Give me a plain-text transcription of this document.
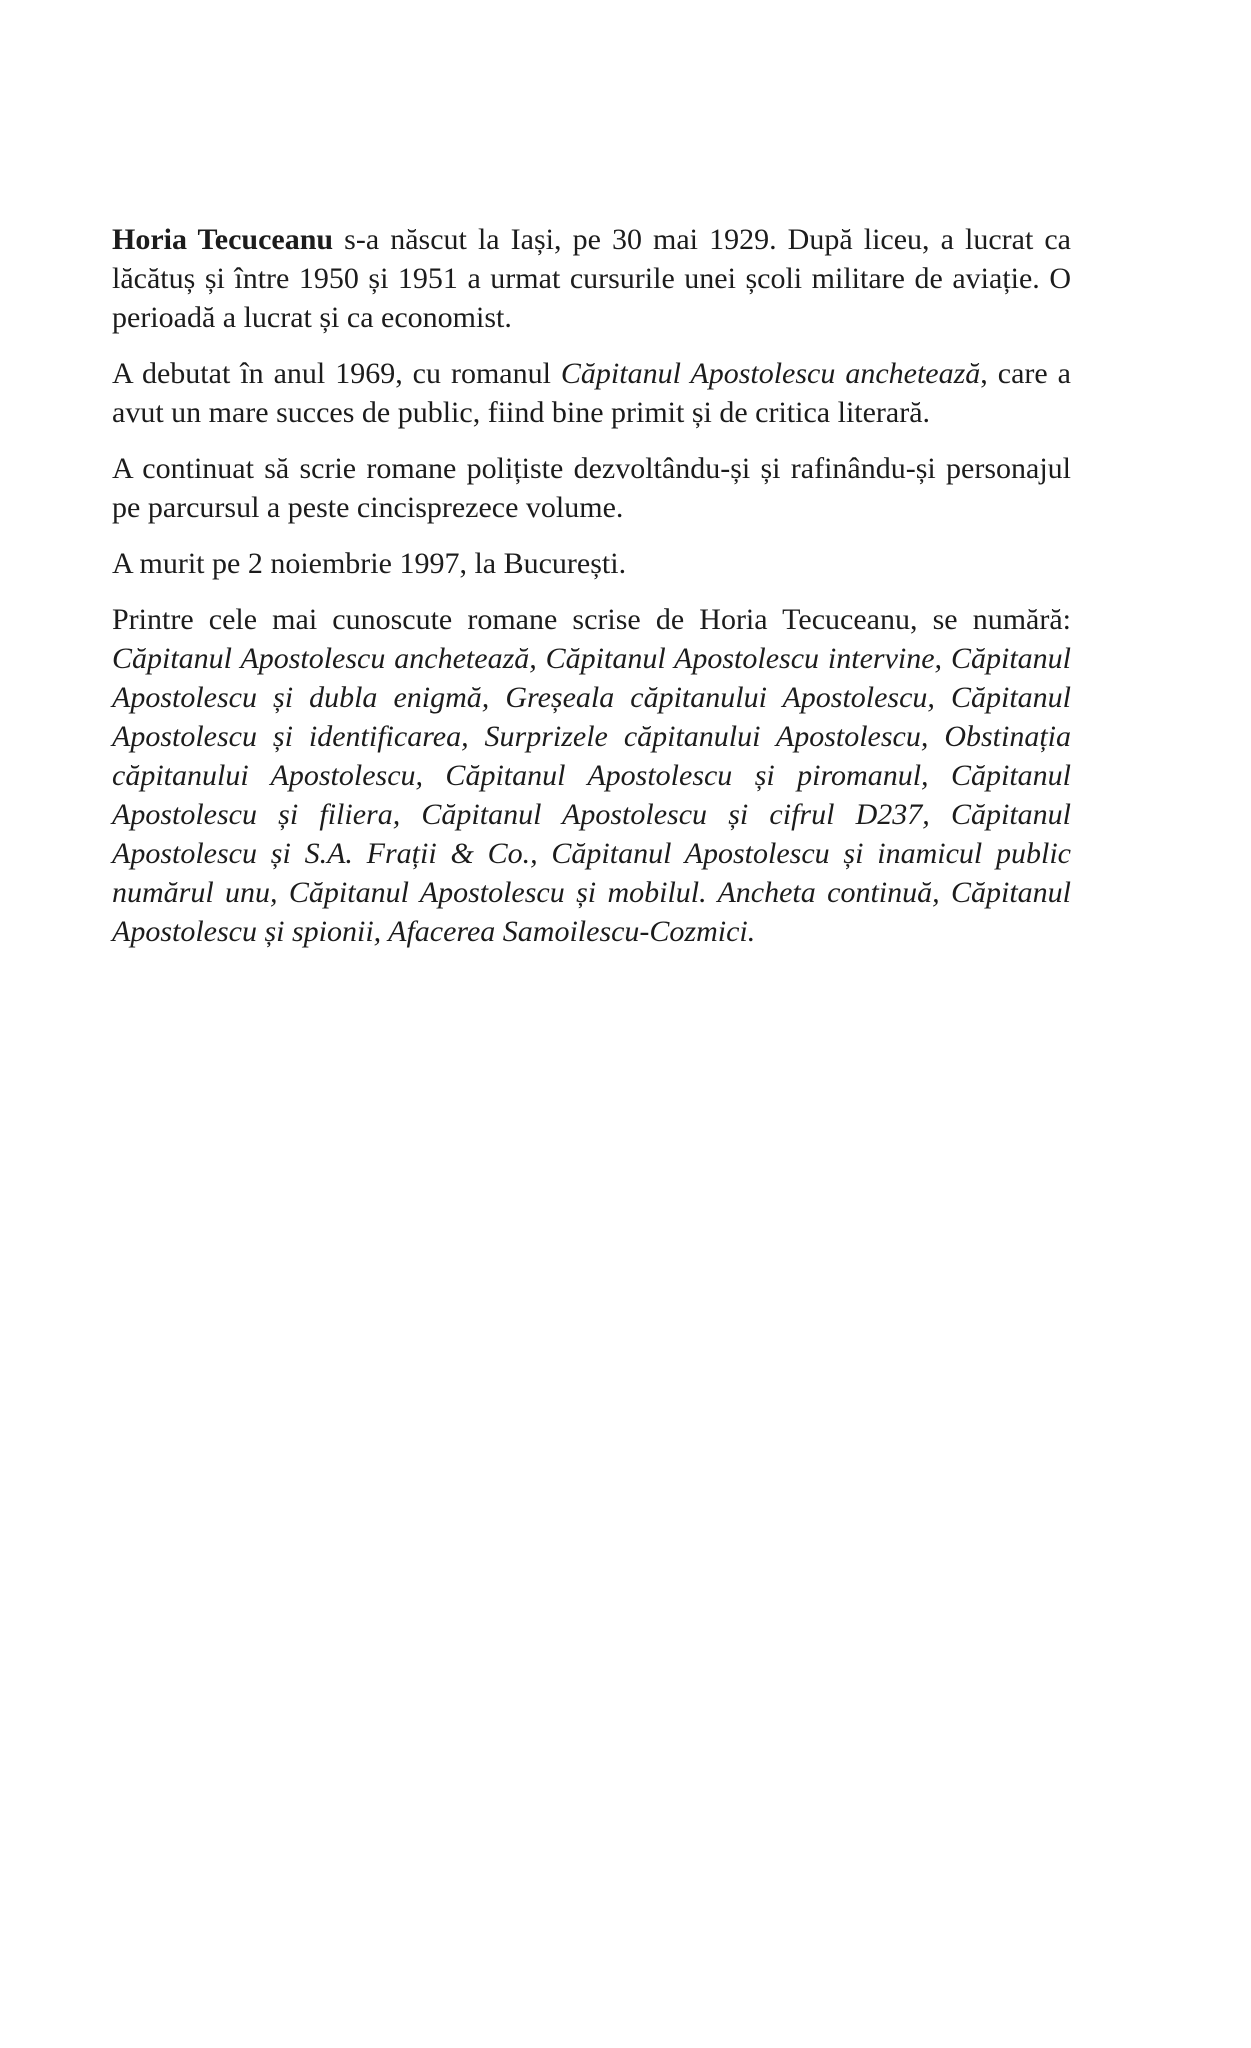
Horia Tecuceanu s-a născut la Iași, pe 30 mai 1929. După liceu, a lucrat ca lăcătuș și între 1950 și 1951 a urmat cursurile unei școli militare de aviație. O perioadă a lucrat și ca economist.

A debutat în anul 1969, cu romanul Căpitanul Apostolescu anchetează, care a avut un mare succes de public, fiind bine primit și de critica literară.

A continuat să scrie romane polițiste dezvoltându-și și rafinându-și personajul pe parcursul a peste cincisprezece volume.

A murit pe 2 noiembrie 1997, la București.

Printre cele mai cunoscute romane scrise de Horia Tecuceanu, se numără: Căpitanul Apostolescu anchetează, Căpitanul Apostolescu intervine, Căpitanul Apostolescu și dubla enigmă, Greșeala căpitanului Apostolescu, Căpitanul Apostolescu și identificarea, Surprizele căpitanului Apostolescu, Obstinația căpitanului Apostolescu, Căpitanul Apostolescu și piromanul, Căpitanul Apostolescu și filiera, Căpitanul Apostolescu și cifrul D237, Căpitanul Apostolescu și S.A. Frații & Co., Căpitanul Apostolescu și inamicul public numărul unu, Căpitanul Apostolescu și mobilul. Ancheta continuă, Căpitanul Apostolescu și spionii, Afacerea Samoilescu-Cozmici.
